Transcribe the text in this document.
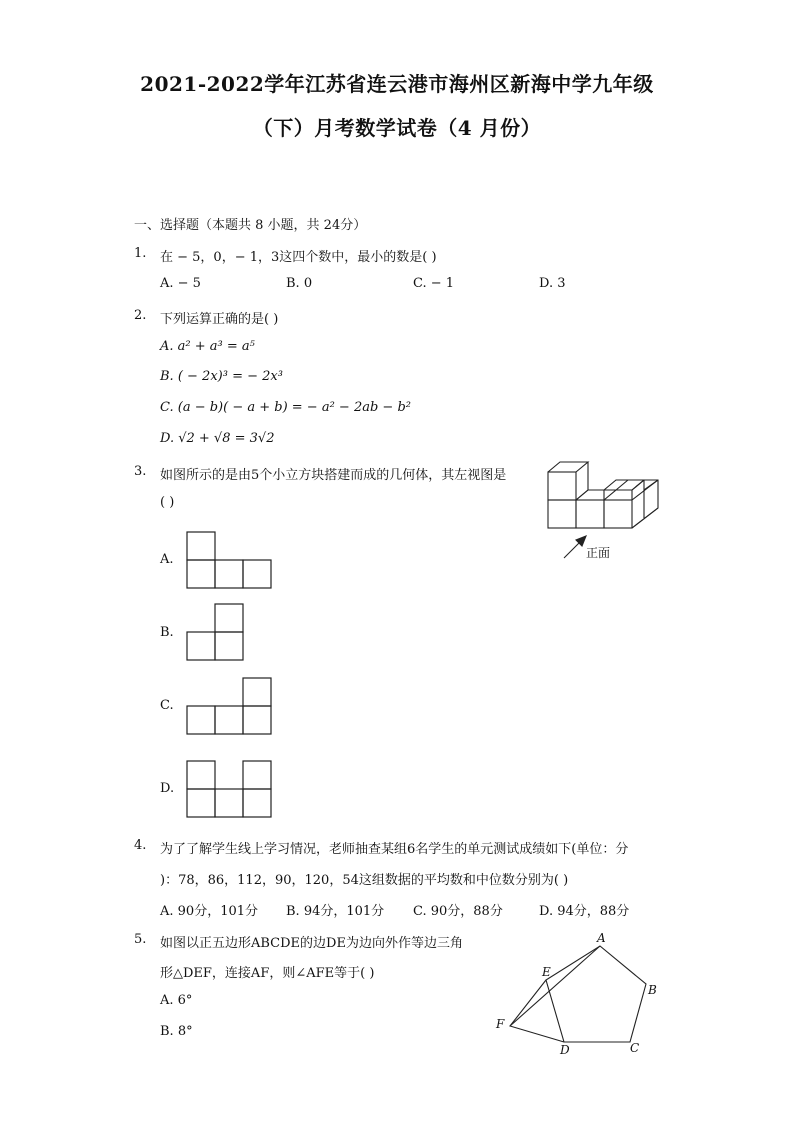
2021-2022学年江苏省连云港市海州区新海中学九年级
（下）月考数学试卷（4 月份）
一、选择题（本题共 8 小题，共 24分）
1. 在 − 5，0，− 1，3这四个数中，最小的数是( )
A. − 5	B. 0	C. − 1	D. 3
2. 下列运算正确的是( )
A. a² + a³ = a⁵
B. ( − 2x)³ = − 2x³
C. (a − b)( − a + b) = − a² − 2ab − b²
D. √2 + √8 = 3√2
3. 如图所示的是由5个小立方块搭建而成的几何体，其左视图是
( )
正面
A.
B.
C.
D.
4. 为了了解学生线上学习情况，老师抽查某组6名学生的单元测试成绩如下(单位：分
)：78，86，112，90，120，54这组数据的平均数和中位数分别为( )
A. 90分，101分 B. 94分，101分 C. 90分，88分	D. 94分，88分
5. 如图以正五边形ABCDE的边DE为边向外作等边三角
形△DEF，连接AF，则∠AFE等于( )
A. 6°
B. 8°
A
B
C
D
E
F
